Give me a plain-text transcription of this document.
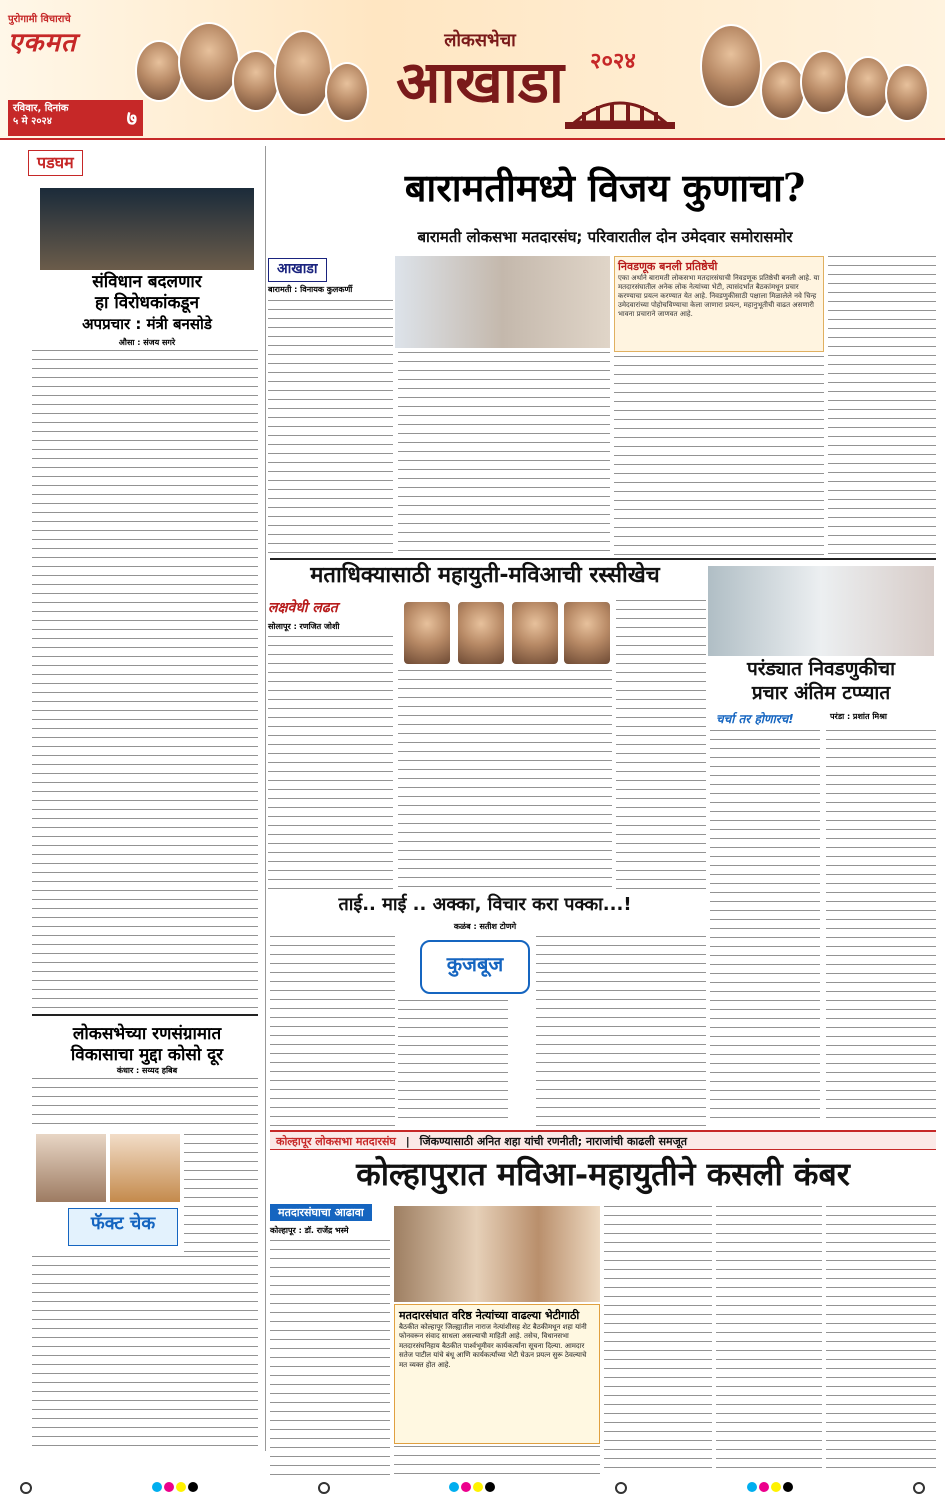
पुरोगामी विचाराचे
एकमत
रविवार, दिनांक
५ मे २०२४	७
लोकसभेचा
आखाडा	२०२४
पडघम
संविधान बदलणार
हा विरोधकांकडून
अपप्रचार : मंत्री बनसोडे
औसा : संजय सगरे
लोकसभेच्या रणसंग्रामात
विकासाचा मुद्दा कोसो दूर
कंधार : सय्यद हबिब
फॅक्ट चेक
बारामतीमध्ये विजय कुणाचा?
बारामती लोकसभा मतदारसंघ; परिवारातील दोन उमेदवार समोरासमोर
आखाडा
बारामती : विनायक कुलकर्णी
निवडणूक बनली प्रतिष्ठेची
एका अर्थाने बारामती लोकसभा मतदारसंघाची निवडणूक प्रतिष्ठेची बनली आहे. या मतदारसंघातील अनेक लोक नेत्यांच्या भेटी, त्यासंदर्भात बैठकांमधून प्रचार करण्याचा प्रयत्न करण्यात येत आहे. निवडणुकीसाठी पक्षाला मिळालेले नवे चिन्ह उमेदवारांच्या पोहोचविण्याचा केला जाणारा प्रयत्न, महानुभूतीची वाढत असणारी भावना प्रचाराने जाणवत आहे.
मताधिक्यासाठी महायुती-मविआची रस्सीखेच
लक्षवेधी लढत
सोलापूर : रणजित जोशी
परंड्यात निवडणुकीचा
प्रचार अंतिम टप्प्यात
चर्चा तर होणारच!	परंडा : प्रशांत मिश्रा
ताई.. माई .. अक्का, विचार करा पक्का...!
कळंब : सतीश टोणगे
कुजबूज
कोल्हापूर लोकसभा मतदारसंघ | जिंकण्यासाठी अनित शहा यांची रणनीती; नाराजांची काढली समजूत
कोल्हापुरात मविआ-महायुतीने कसली कंबर
मतदारसंघाचा आढावा
कोल्हापूर : डॉ. राजेंद्र भस्मे
मतदारसंघात वरिष्ठ नेत्यांच्या वाढल्या भेटीगाठी
बैठकीत कोल्हापूर जिल्ह्यातील नाराज नेत्यांशीसह शेट बैठकीमधून शहा यांनी फोनवरून संवाद साधला असल्याची माहिती आहे. तसेच, विधानसभा मतदारसंघनिहाय बैठकीत पार्श्वभूमीवर कार्यकर्त्यांना सूचना दिल्या. आमदार सतेज पाटील यांचे बंधू आणि कार्यकर्त्यांच्या भेटी घेऊन प्रयत्न सुरू ठेवल्याचे मत व्यक्त होत आहे.
